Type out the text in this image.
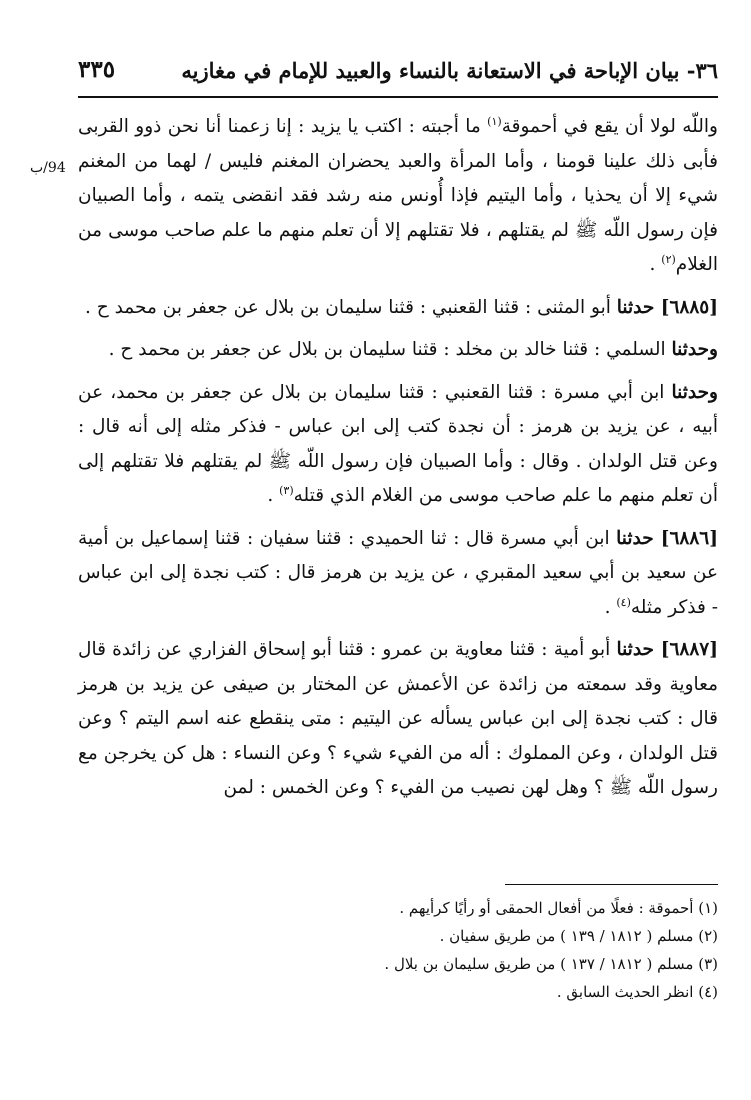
٣٦- بيان الإباحة في الاستعانة بالنساء والعبيد للإمام في مغازيه
٣٣٥
94/ب

واللّه لولا أن يقع في أحموقة$^{(١)}$ ما أجبته : اكتب يا يزيد : إنا زعمنا أنا نحن ذوو القربى فأبى ذلك علينا قومنا ، وأما المرأة والعبد يحضران المغنم فليس / لهما من المغنم شيء إلا أن يحذيا ، وأما اليتيم فإذا أُونس منه رشد فقد انقضى يتمه ، وأما الصبيان فإن رسول اللّه ﷺ لم يقتلهم ، فلا تقتلهم إلا أن تعلم منهم ما علم صاحب موسى من الغلام$^{(٢)}$ .

[٦٨٨٥] حدثنا أبو المثنى : قثنا القعنبي : قثنا سليمان بن بلال عن جعفر بن محمد ح .

وحدثنا السلمي : قثنا خالد بن مخلد : قثنا سليمان بن بلال عن جعفر بن محمد ح .

وحدثنا ابن أبي مسرة : قثنا القعنبي : قثنا سليمان بن بلال عن جعفر بن محمد، عن أبيه ، عن يزيد بن هرمز : أن نجدة كتب إلى ابن عباس - فذكر مثله إلى أنه قال : وعن قتل الولدان . وقال : وأما الصبيان فإن رسول اللّه ﷺ لم يقتلهم فلا تقتلهم إلى أن تعلم منهم ما علم صاحب موسى من الغلام الذي قتله$^{(٣)}$ .

[٦٨٨٦] حدثنا ابن أبي مسرة قال : ثنا الحميدي : قثنا سفيان : قثنا إسماعيل بن أمية عن سعيد بن أبي سعيد المقبري ، عن يزيد بن هرمز قال : كتب نجدة إلى ابن عباس - فذكر مثله$^{(٤)}$ .

[٦٨٨٧] حدثنا أبو أمية : قثنا معاوية بن عمرو : قثنا أبو إسحاق الفزاري عن زائدة قال معاوية وقد سمعته من زائدة عن الأعمش عن المختار بن صيفى عن يزيد بن هرمز قال : كتب نجدة إلى ابن عباس يسأله عن اليتيم : متى ينقطع عنه اسم اليتم ؟ وعن قتل الولدان ، وعن المملوك : أله من الفيء شيء ؟ وعن النساء : هل كن يخرجن مع رسول اللّه ﷺ ؟ وهل لهن نصيب من الفيء ؟ وعن الخمس : لمن

(١) أحموقة : فعلًا من أفعال الحمقى أو رأيًا كرأيهم .

(٢) مسلم ( ١٨١٢ / ١٣٩ ) من طريق سفيان .

(٣) مسلم ( ١٨١٢ / ١٣٧ ) من طريق سليمان بن بلال .

(٤) انظر الحديث السابق .
